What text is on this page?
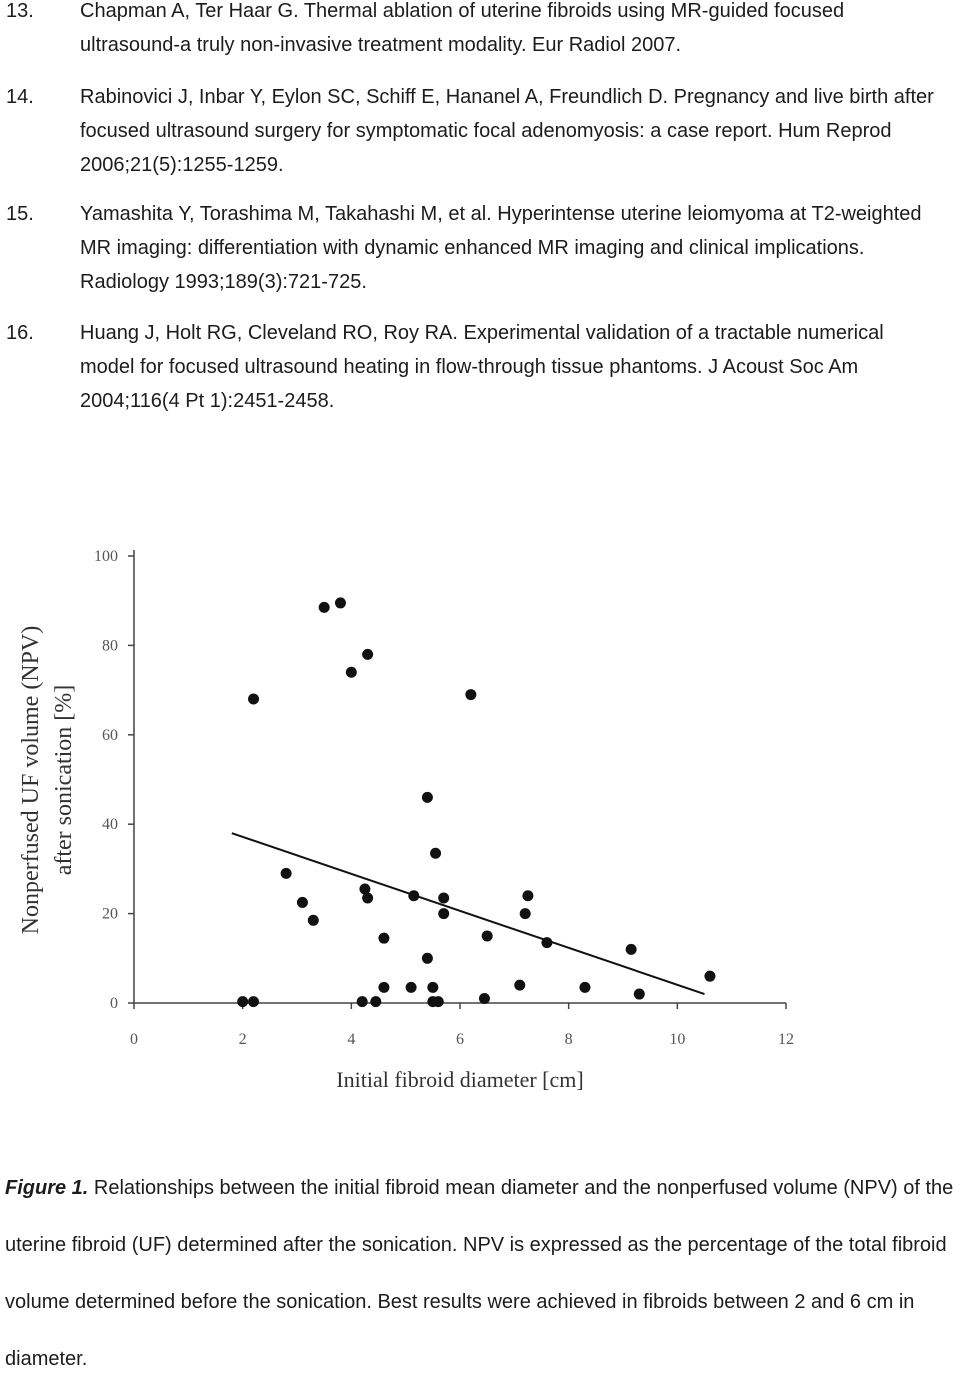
13. Chapman A, Ter Haar G. Thermal ablation of uterine fibroids using MR-guided focused ultrasound-a truly non-invasive treatment modality. Eur Radiol 2007.
14. Rabinovici J, Inbar Y, Eylon SC, Schiff E, Hananel A, Freundlich D. Pregnancy and live birth after focused ultrasound surgery for symptomatic focal adenomyosis: a case report. Hum Reprod 2006;21(5):1255-1259.
15. Yamashita Y, Torashima M, Takahashi M, et al. Hyperintense uterine leiomyoma at T2-weighted MR imaging: differentiation with dynamic enhanced MR imaging and clinical implications. Radiology 1993;189(3):721-725.
16. Huang J, Holt RG, Cleveland RO, Roy RA. Experimental validation of a tractable numerical model for focused ultrasound heating in flow-through tissue phantoms. J Acoust Soc Am 2004;116(4 Pt 1):2451-2458.
0	2	4	6	8	10	12
0
20
40
60
80
100
Initial fibroid diameter [cm]
Nonperfused UF volume (NPV) after sonication [%]
Figure 1. Relationships between the initial fibroid mean diameter and the nonperfused volume (NPV) of the uterine fibroid (UF) determined after the sonication. NPV is expressed as the percentage of the total fibroid volume determined before the sonication. Best results were achieved in fibroids between 2 and 6 cm in diameter.
